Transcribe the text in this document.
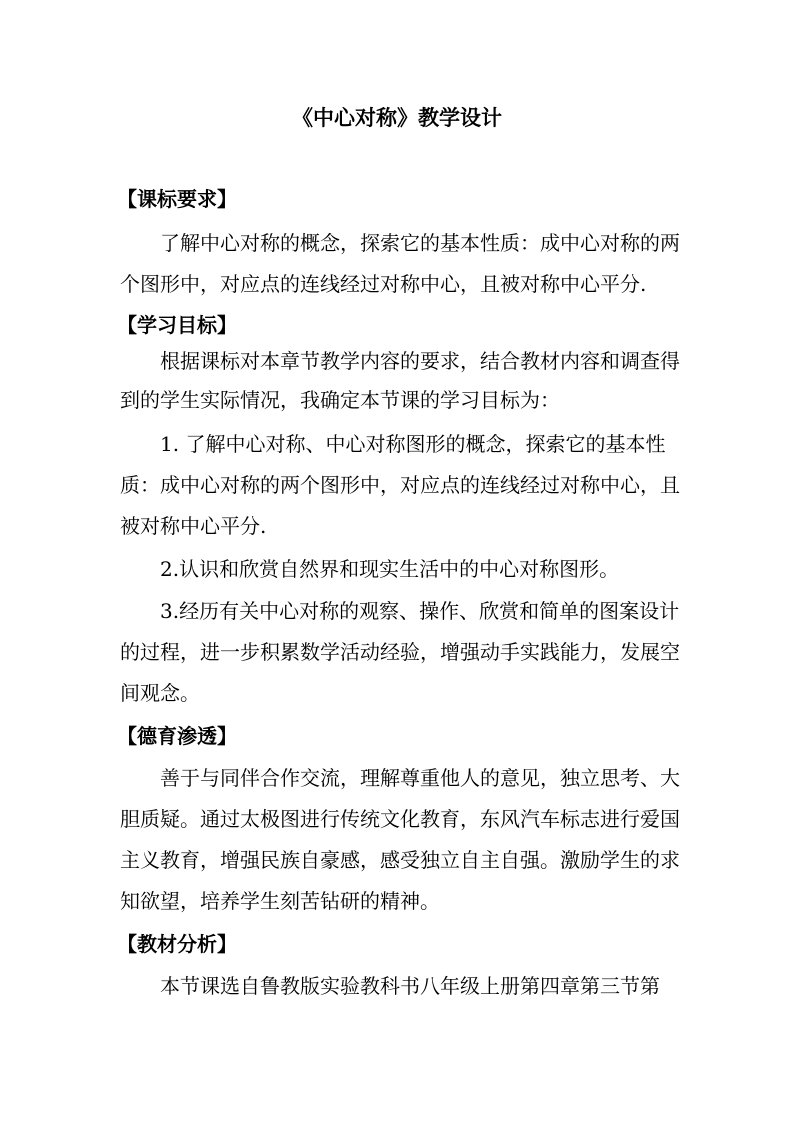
《中心对称》教学设计
【课标要求】
了解中心对称的概念，探索它的基本性质：成中心对称的两
个图形中，对应点的连线经过对称中心，且被对称中心平分.
【学习目标】
根据课标对本章节教学内容的要求，结合教材内容和调查得
到的学生实际情况，我确定本节课的学习目标为：
1. 了解中心对称、中心对称图形的概念，探索它的基本性
质：成中心对称的两个图形中，对应点的连线经过对称中心，且
被对称中心平分.
2.认识和欣赏自然界和现实生活中的中心对称图形。
3.经历有关中心对称的观察、操作、欣赏和简单的图案设计
的过程，进一步积累数学活动经验，增强动手实践能力，发展空
间观念。
【德育渗透】
善于与同伴合作交流，理解尊重他人的意见，独立思考、大
胆质疑。通过太极图进行传统文化教育，东风汽车标志进行爱国
主义教育，增强民族自豪感，感受独立自主自强。激励学生的求
知欲望，培养学生刻苦钻研的精神。
【教材分析】
本节课选自鲁教版实验教科书八年级上册第四章第三节第
